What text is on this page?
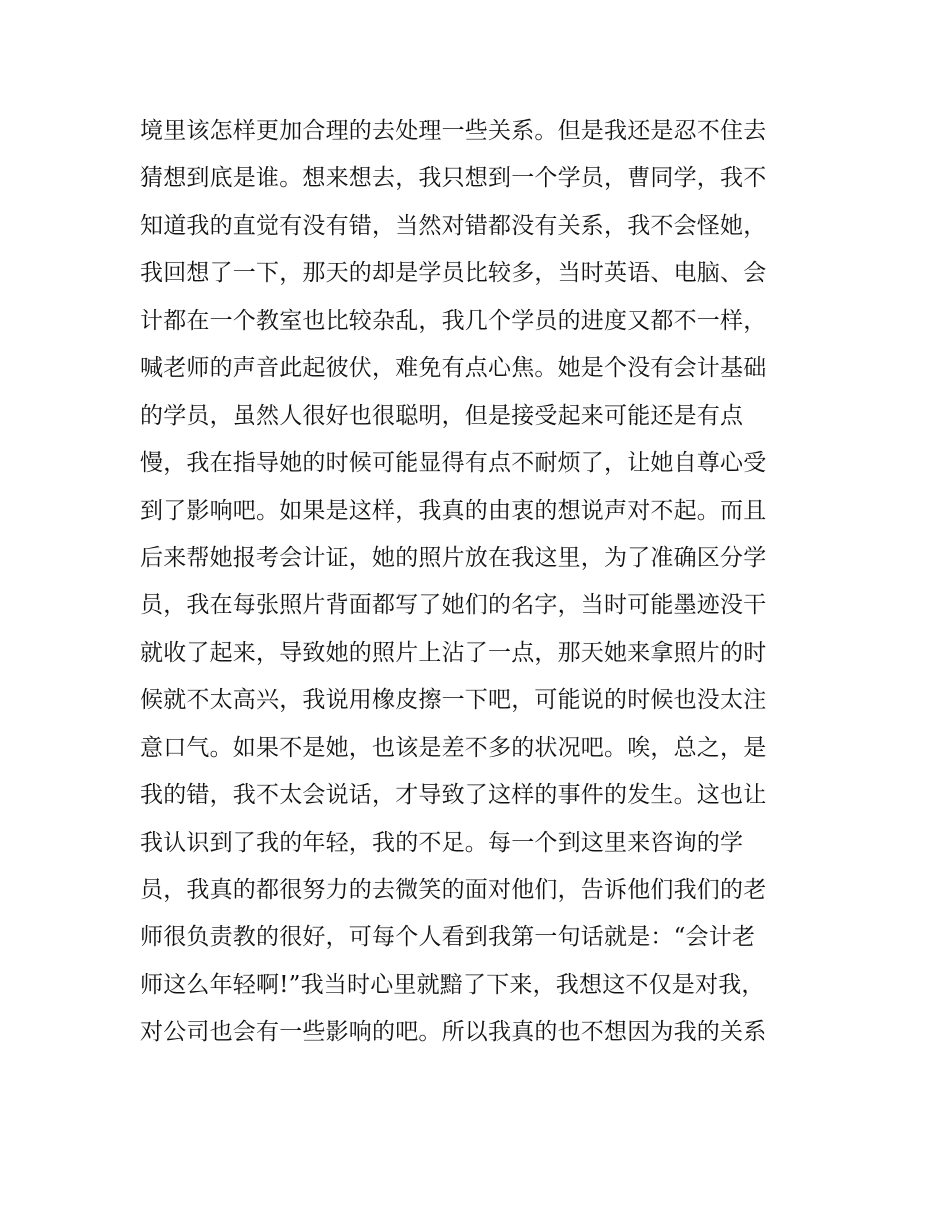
境里该怎样更加合理的去处理一些关系。但是我还是忍不住去
猜想到底是谁。想来想去，我只想到一个学员，曹同学，我不
知道我的直觉有没有错，当然对错都没有关系，我不会怪她，
我回想了一下，那天的却是学员比较多，当时英语、电脑、会
计都在一个教室也比较杂乱，我几个学员的进度又都不一样，
喊老师的声音此起彼伏，难免有点心焦。她是个没有会计基础
的学员，虽然人很好也很聪明，但是接受起来可能还是有点
慢，我在指导她的时候可能显得有点不耐烦了，让她自尊心受
到了影响吧。如果是这样，我真的由衷的想说声对不起。而且
后来帮她报考会计证，她的照片放在我这里，为了准确区分学
员，我在每张照片背面都写了她们的名字，当时可能墨迹没干
就收了起来，导致她的照片上沾了一点，那天她来拿照片的时
候就不太高兴，我说用橡皮擦一下吧，可能说的时候也没太注
意口气。如果不是她，也该是差不多的状况吧。唉，总之，是
我的错，我不太会说话，才导致了这样的事件的发生。这也让
我认识到了我的年轻，我的不足。每一个到这里来咨询的学
员，我真的都很努力的去微笑的面对他们，告诉他们我们的老
师很负责教的很好，可每个人看到我第一句话就是：“会计老
师这么年轻啊!”我当时心里就黯了下来，我想这不仅是对我，
对公司也会有一些影响的吧。所以我真的也不想因为我的关系
